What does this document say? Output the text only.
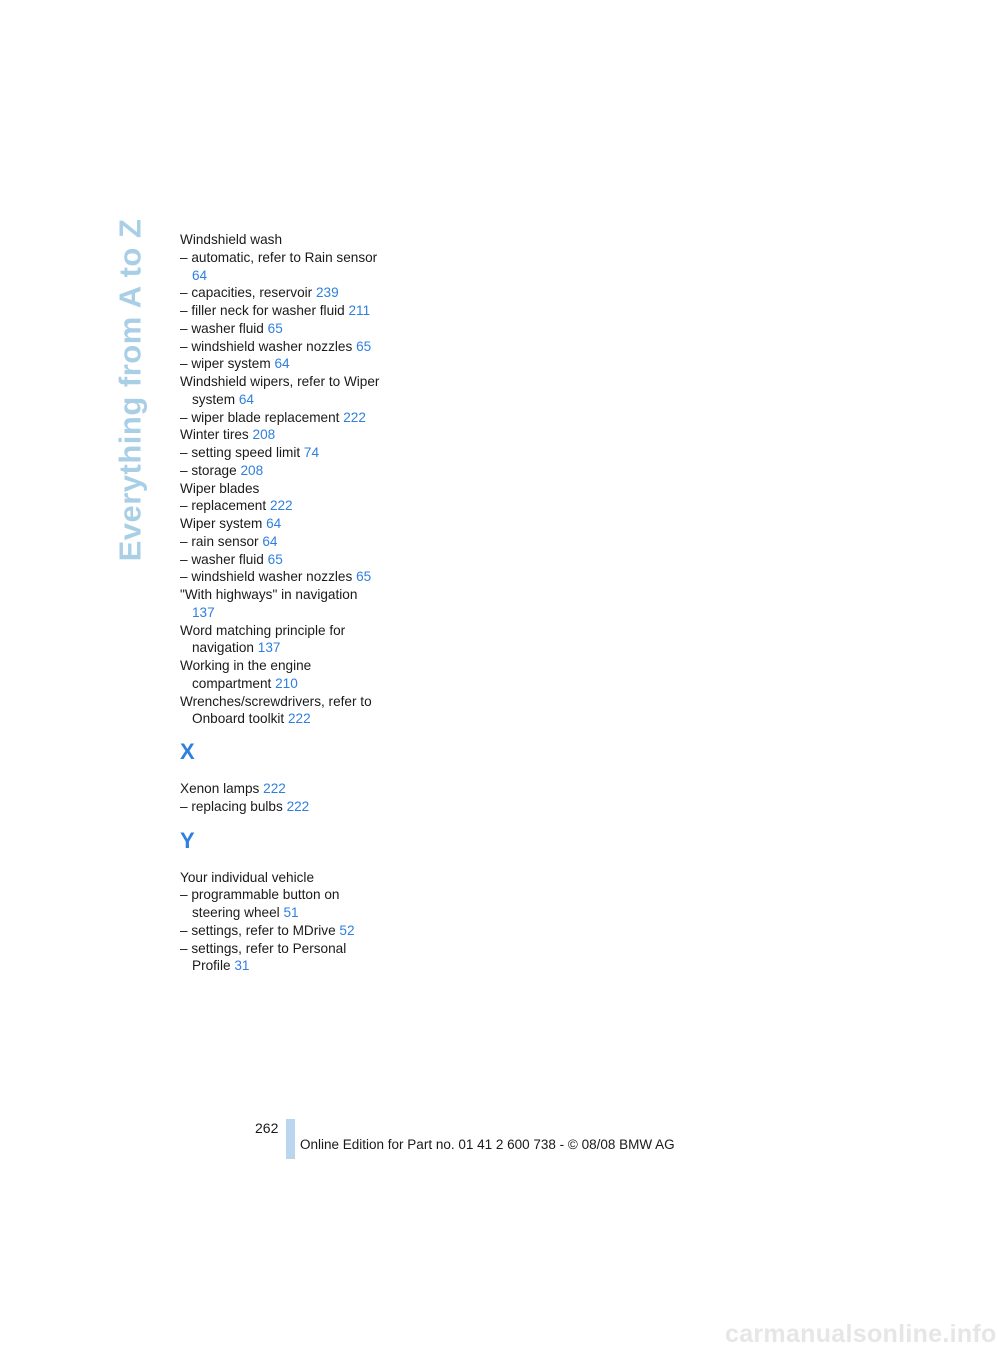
Everything from A to Z Windshield wash
– automatic, refer to Rain sensor 64
– capacities, reservoir 239
– filler neck for washer fluid 211
– washer fluid 65
– windshield washer nozzles 65
– wiper system 64
Windshield wipers, refer to Wiper system 64
– wiper blade replacement 222
Winter tires 208
– setting speed limit 74
– storage 208
Wiper blades
– replacement 222
Wiper system 64
– rain sensor 64
– washer fluid 65
– windshield washer nozzles 65
"With highways" in navigation 137
Word matching principle for navigation 137
Working in the engine compartment 210
Wrenches/screwdrivers, refer to Onboard toolkit 222
X
Xenon lamps 222
– replacing bulbs 222
Y
Your individual vehicle
– programmable button on steering wheel 51
– settings, refer to MDrive 52
– settings, refer to Personal Profile 31
262
Online Edition for Part no. 01 41 2 600 738 - © 08/08 BMW AG
carmanualsonline.info
